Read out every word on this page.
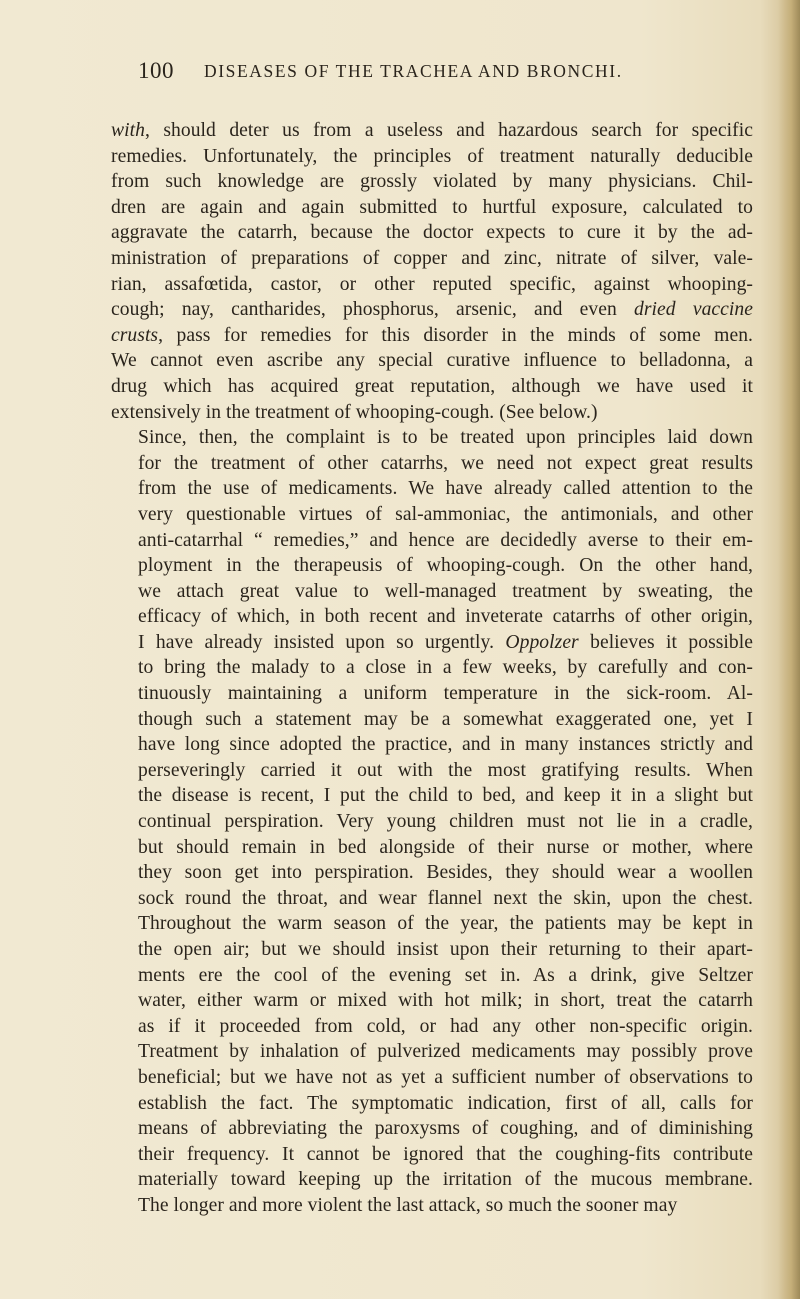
100 DISEASES OF THE TRACHEA AND BRONCHI.

with, should deter us from a useless and hazardous search for specific
remedies. Unfortunately, the principles of treatment naturally deducible
from such knowledge are grossly violated by many physicians. Chil-
dren are again and again submitted to hurtful exposure, calculated to
aggravate the catarrh, because the doctor expects to cure it by the ad-
ministration of preparations of copper and zinc, nitrate of silver, vale-
rian, assafœtida, castor, or other reputed specific, against whooping-
cough; nay, cantharides, phosphorus, arsenic, and even dried vaccine
crusts, pass for remedies for this disorder in the minds of some men.
We cannot even ascribe any special curative influence to belladonna, a
drug which has acquired great reputation, although we have used it
extensively in the treatment of whooping-cough. (See below.)

Since, then, the complaint is to be treated upon principles laid down
for the treatment of other catarrhs, we need not expect great results
from the use of medicaments. We have already called attention to the
very questionable virtues of sal-ammoniac, the antimonials, and other
anti-catarrhal “ remedies,” and hence are decidedly averse to their em-
ployment in the therapeusis of whooping-cough. On the other hand,
we attach great value to well-managed treatment by sweating, the
efficacy of which, in both recent and inveterate catarrhs of other origin,
I have already insisted upon so urgently. Oppolzer believes it possible
to bring the malady to a close in a few weeks, by carefully and con-
tinuously maintaining a uniform temperature in the sick-room. Al-
though such a statement may be a somewhat exaggerated one, yet I
have long since adopted the practice, and in many instances strictly and
perseveringly carried it out with the most gratifying results. When
the disease is recent, I put the child to bed, and keep it in a slight but
continual perspiration. Very young children must not lie in a cradle,
but should remain in bed alongside of their nurse or mother, where
they soon get into perspiration. Besides, they should wear a woollen
sock round the throat, and wear flannel next the skin, upon the chest.
Throughout the warm season of the year, the patients may be kept in
the open air; but we should insist upon their returning to their apart-
ments ere the cool of the evening set in. As a drink, give Seltzer
water, either warm or mixed with hot milk; in short, treat the catarrh
as if it proceeded from cold, or had any other non-specific origin.
Treatment by inhalation of pulverized medicaments may possibly prove
beneficial; but we have not as yet a sufficient number of observations to
establish the fact. The symptomatic indication, first of all, calls for
means of abbreviating the paroxysms of coughing, and of diminishing
their frequency. It cannot be ignored that the coughing-fits contribute
materially toward keeping up the irritation of the mucous membrane.
The longer and more violent the last attack, so much the sooner may
